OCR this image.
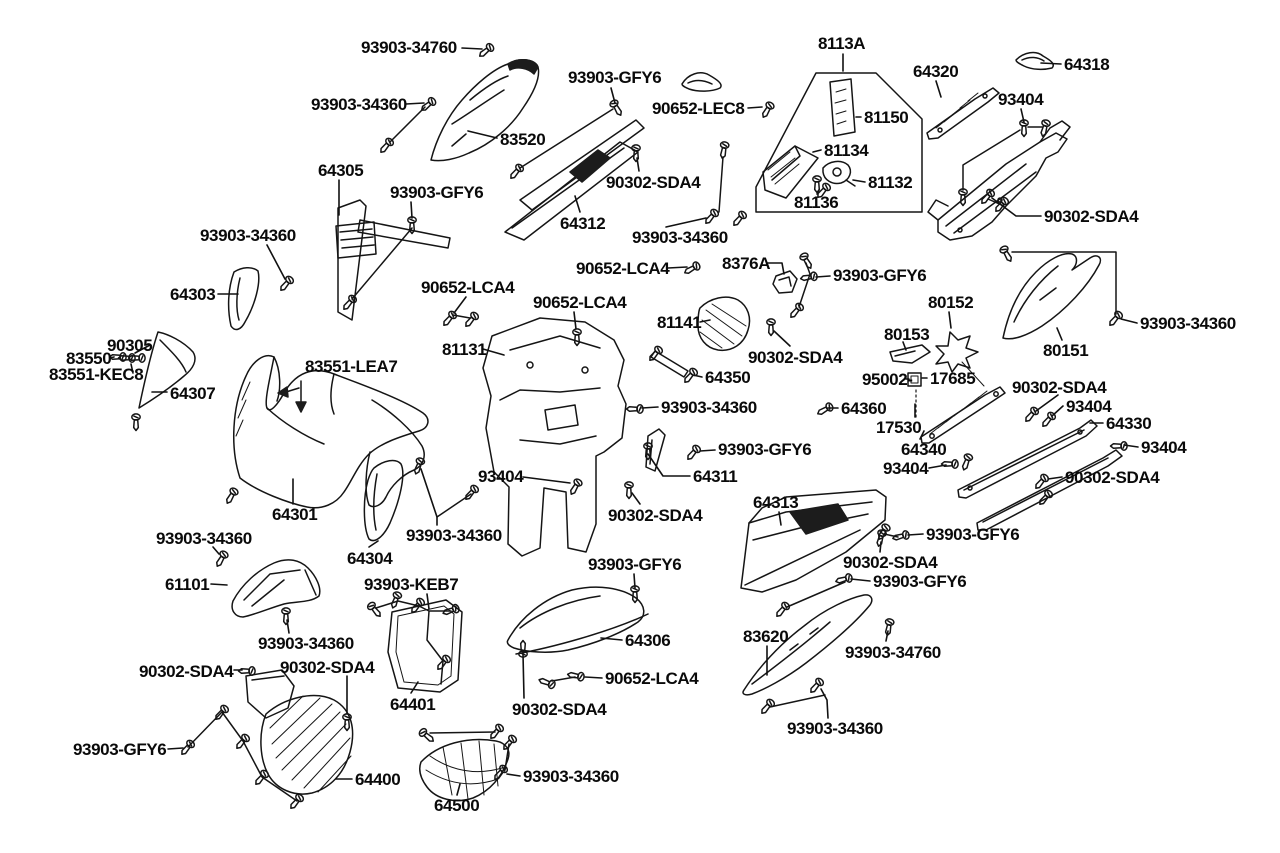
93903-34760	8113A
64320	64318
93903-GFY6
93404
93903-34360	90652-LEC8
83520
81150
64305
81134
90302-SDA4	81132
93903-GFY6
64312
81136
90302-SDA4
93903-34360	93903-34360
90652-LCA4	8376A
93903-GFY6
64303	80152
90652-LCA4
90652-LCA4
80153
81141
90302-SDA4	80151
93903-34360
81131
90305
83550
83551-KEC8	95002- 17685
64307
83551-LEA7
64350
90302-SDA4
93404
64360
93903-34360
64330
17530
93404
64340
93903-GFY6
93404
64311
93404	90302-SDA4
64313
64301	90302-SDA4
93903-GFY6
93903-34360
64304	90302-SDA4
93903-GFY6
93903-KEB7
93903-GFY6
61101
64306	83620
93903-34360	93903-34760
90302-SDA4	90302-SDA4
90652-LCA4
64401	90302-SDA4
93903-34360
93903-GFY6
64400
64500
93903-34360
93903-34360
